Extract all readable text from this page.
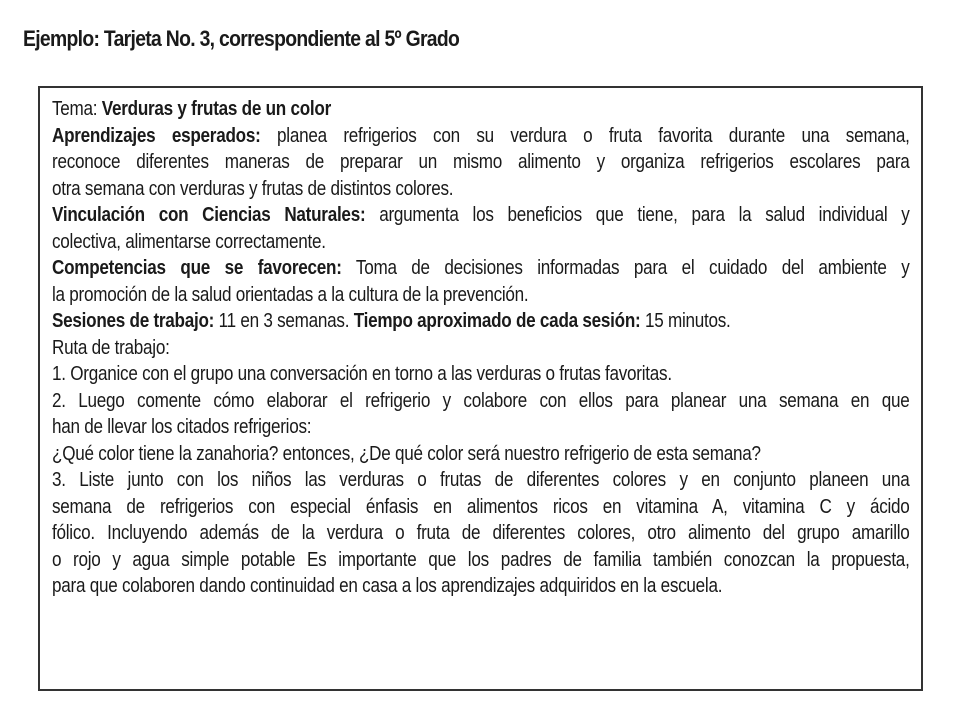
Ejemplo: Tarjeta No. 3, correspondiente al 5º Grado
Tema: Verduras y frutas de un color
Aprendizajes esperados: planea refrigerios con su verdura o fruta favorita durante una semana,
reconoce diferentes maneras de preparar un mismo alimento y organiza refrigerios escolares para
otra semana con verduras y frutas de distintos colores.
Vinculación con Ciencias Naturales: argumenta los beneficios que tiene, para la salud individual y
colectiva, alimentarse correctamente.
Competencias que se favorecen: Toma de decisiones informadas para el cuidado del ambiente y
la promoción de la salud orientadas a la cultura de la prevención.
Sesiones de trabajo: 11 en 3 semanas. Tiempo aproximado de cada sesión: 15 minutos.
Ruta de trabajo:
1. Organice con el grupo una conversación en torno a las verduras o frutas favoritas.
2. Luego comente cómo elaborar el refrigerio y colabore con ellos para planear una semana en que
han de llevar los citados refrigerios:
¿Qué color tiene la zanahoria? entonces, ¿De qué color será nuestro refrigerio de esta semana?
3. Liste junto con los niños las verduras o frutas de diferentes colores y en conjunto planeen una
semana de refrigerios con especial énfasis en alimentos ricos en vitamina A, vitamina C y ácido
fólico. Incluyendo además de la verdura o fruta de diferentes colores, otro alimento del grupo amarillo
o rojo y agua simple potable Es importante que los padres de familia también conozcan la propuesta,
para que colaboren dando continuidad en casa a los aprendizajes adquiridos en la escuela.
